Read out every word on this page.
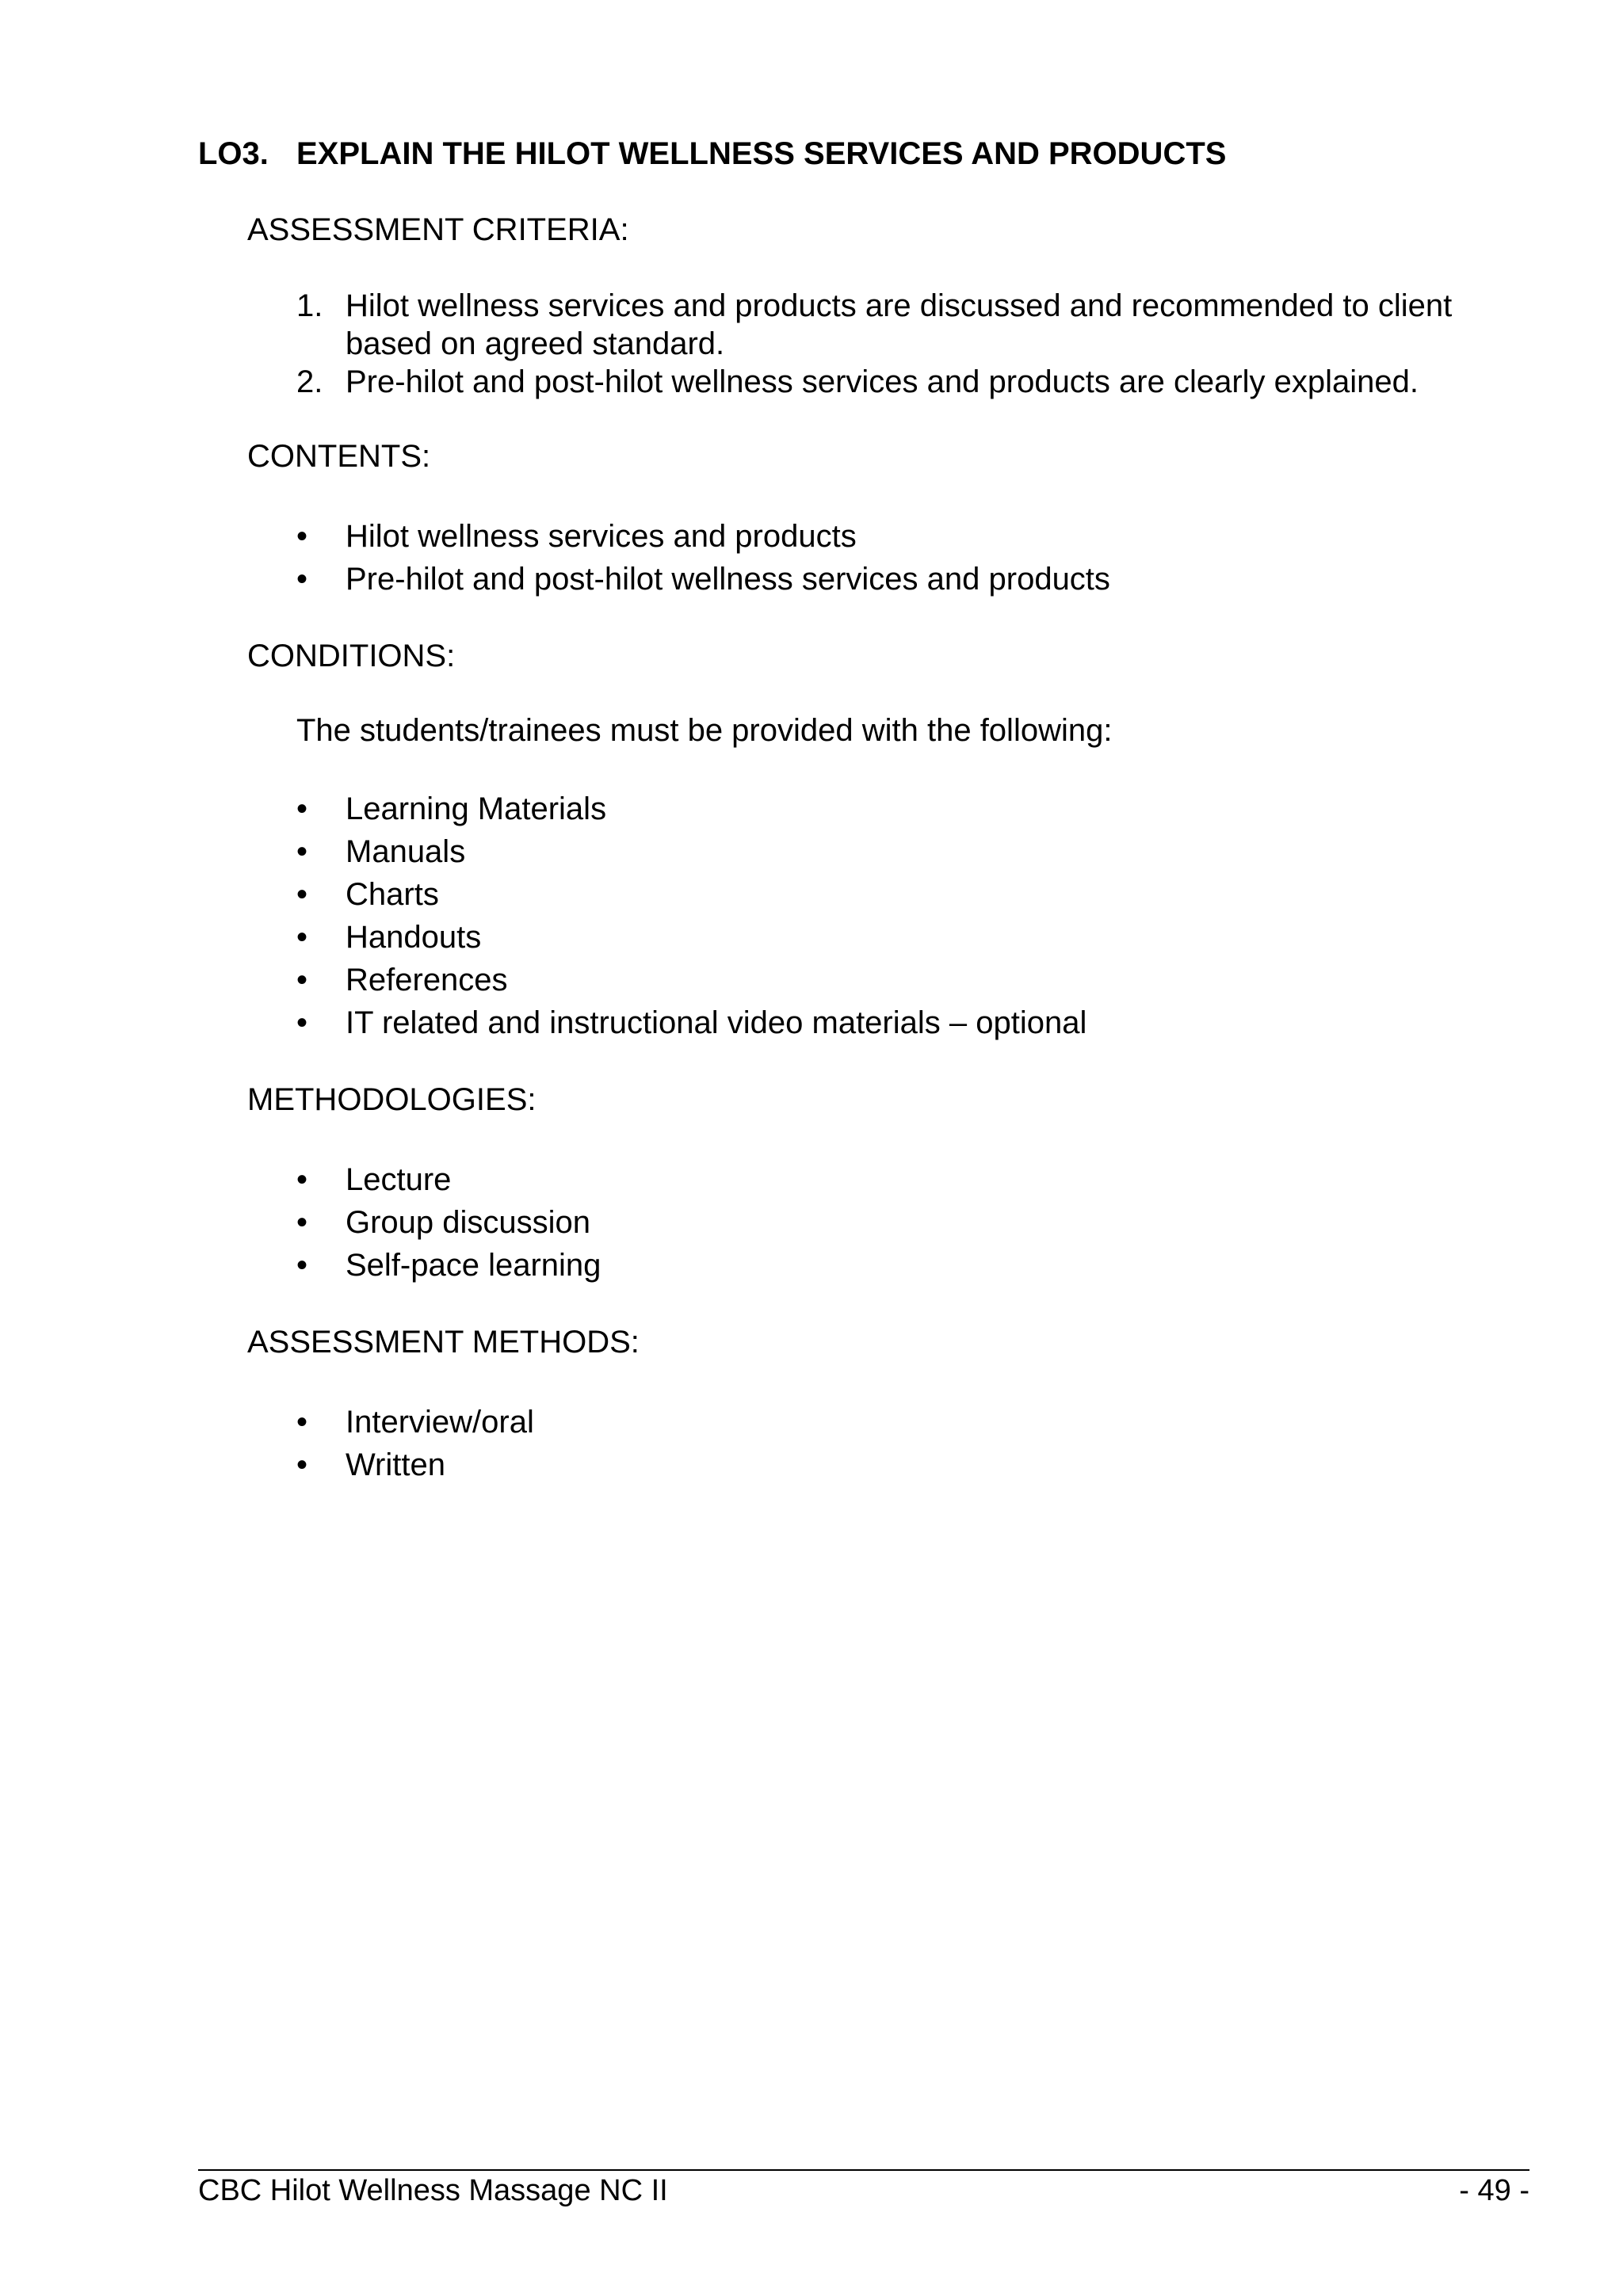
LO3. EXPLAIN THE HILOT WELLNESS SERVICES AND PRODUCTS
ASSESSMENT CRITERIA:
1. Hilot wellness services and products are discussed and recommended to client
based on agreed standard.
2. Pre-hilot and post-hilot wellness services and products are clearly explained.
CONTENTS:
• Hilot wellness services and products
• Pre-hilot and post-hilot wellness services and products
CONDITIONS:
The students/trainees must be provided with the following:
• Learning Materials
• Manuals
• Charts
• Handouts
• References
• IT related and instructional video materials – optional
METHODOLOGIES:
• Lecture
• Group discussion
• Self-pace learning
ASSESSMENT METHODS:
• Interview/oral
• Written
CBC Hilot Wellness Massage NC II	- 49 -
